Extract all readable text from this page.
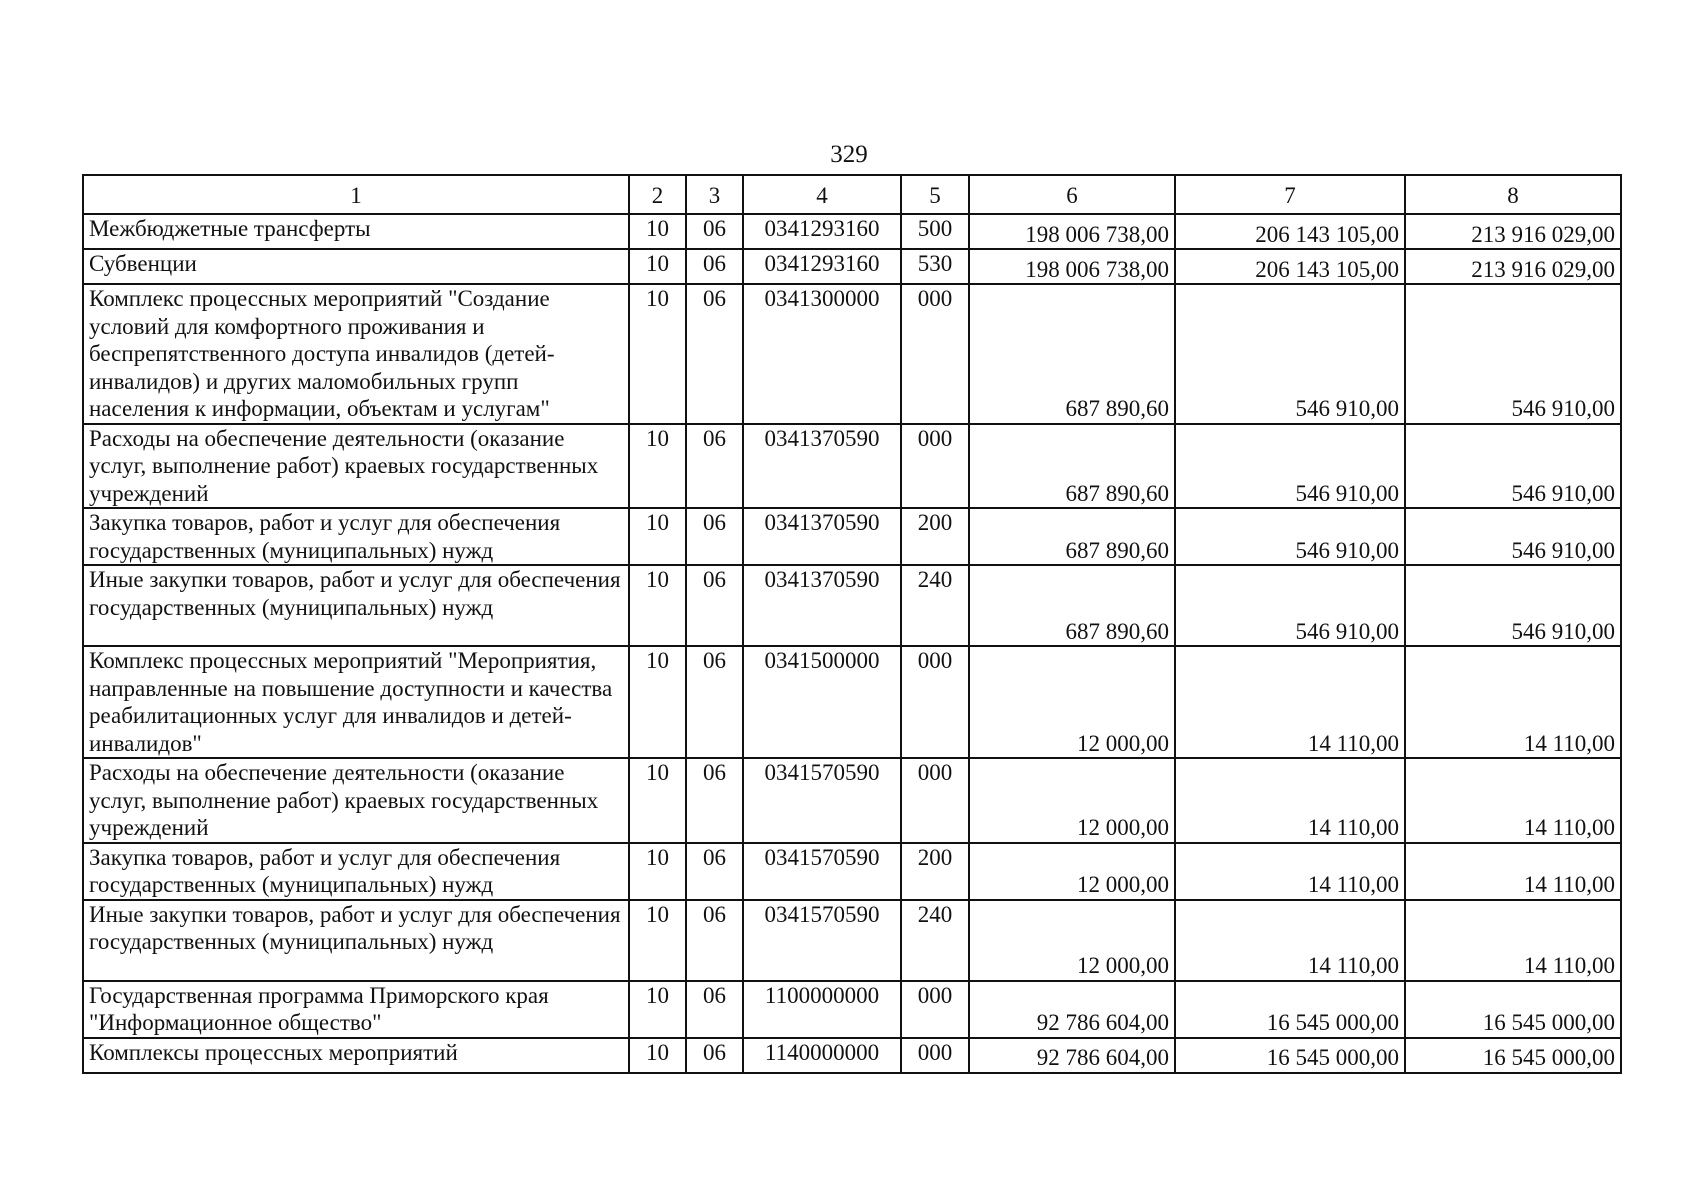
329
1	2	3	4	5	6	7	8
Межбюджетные трансферты	10	06	0341293160	500	198 006 738,00	206 143 105,00	213 916 029,00
Субвенции	10	06	0341293160	530	198 006 738,00	206 143 105,00	213 916 029,00
Комплекс процессных мероприятий "Создание условий для комфортного проживания и беспрепятственного доступа инвалидов (детей-инвалидов) и других маломобильных групп населения к информации, объектам и услугам"	10	06	0341300000	000	687 890,60	546 910,00	546 910,00
Расходы на обеспечение деятельности (оказание услуг, выполнение работ) краевых государственных учреждений	10	06	0341370590	000	687 890,60	546 910,00	546 910,00
Закупка товаров, работ и услуг для обеспечения государственных (муниципальных) нужд	10	06	0341370590	200	687 890,60	546 910,00	546 910,00
Иные закупки товаров, работ и услуг для обеспечения государственных (муниципальных) нужд	10	06	0341370590	240	687 890,60	546 910,00	546 910,00
Комплекс процессных мероприятий "Мероприятия, направленные на повышение доступности и качества реабилитационных услуг для инвалидов и детей-инвалидов"	10	06	0341500000	000	12 000,00	14 110,00	14 110,00
Расходы на обеспечение деятельности (оказание услуг, выполнение работ) краевых государственных учреждений	10	06	0341570590	000	12 000,00	14 110,00	14 110,00
Закупка товаров, работ и услуг для обеспечения государственных (муниципальных) нужд	10	06	0341570590	200	12 000,00	14 110,00	14 110,00
Иные закупки товаров, работ и услуг для обеспечения государственных (муниципальных) нужд	10	06	0341570590	240	12 000,00	14 110,00	14 110,00
Государственная программа Приморского края "Информационное общество"	10	06	1100000000	000	92 786 604,00	16 545 000,00	16 545 000,00
Комплексы процессных мероприятий	10	06	1140000000	000	92 786 604,00	16 545 000,00	16 545 000,00
